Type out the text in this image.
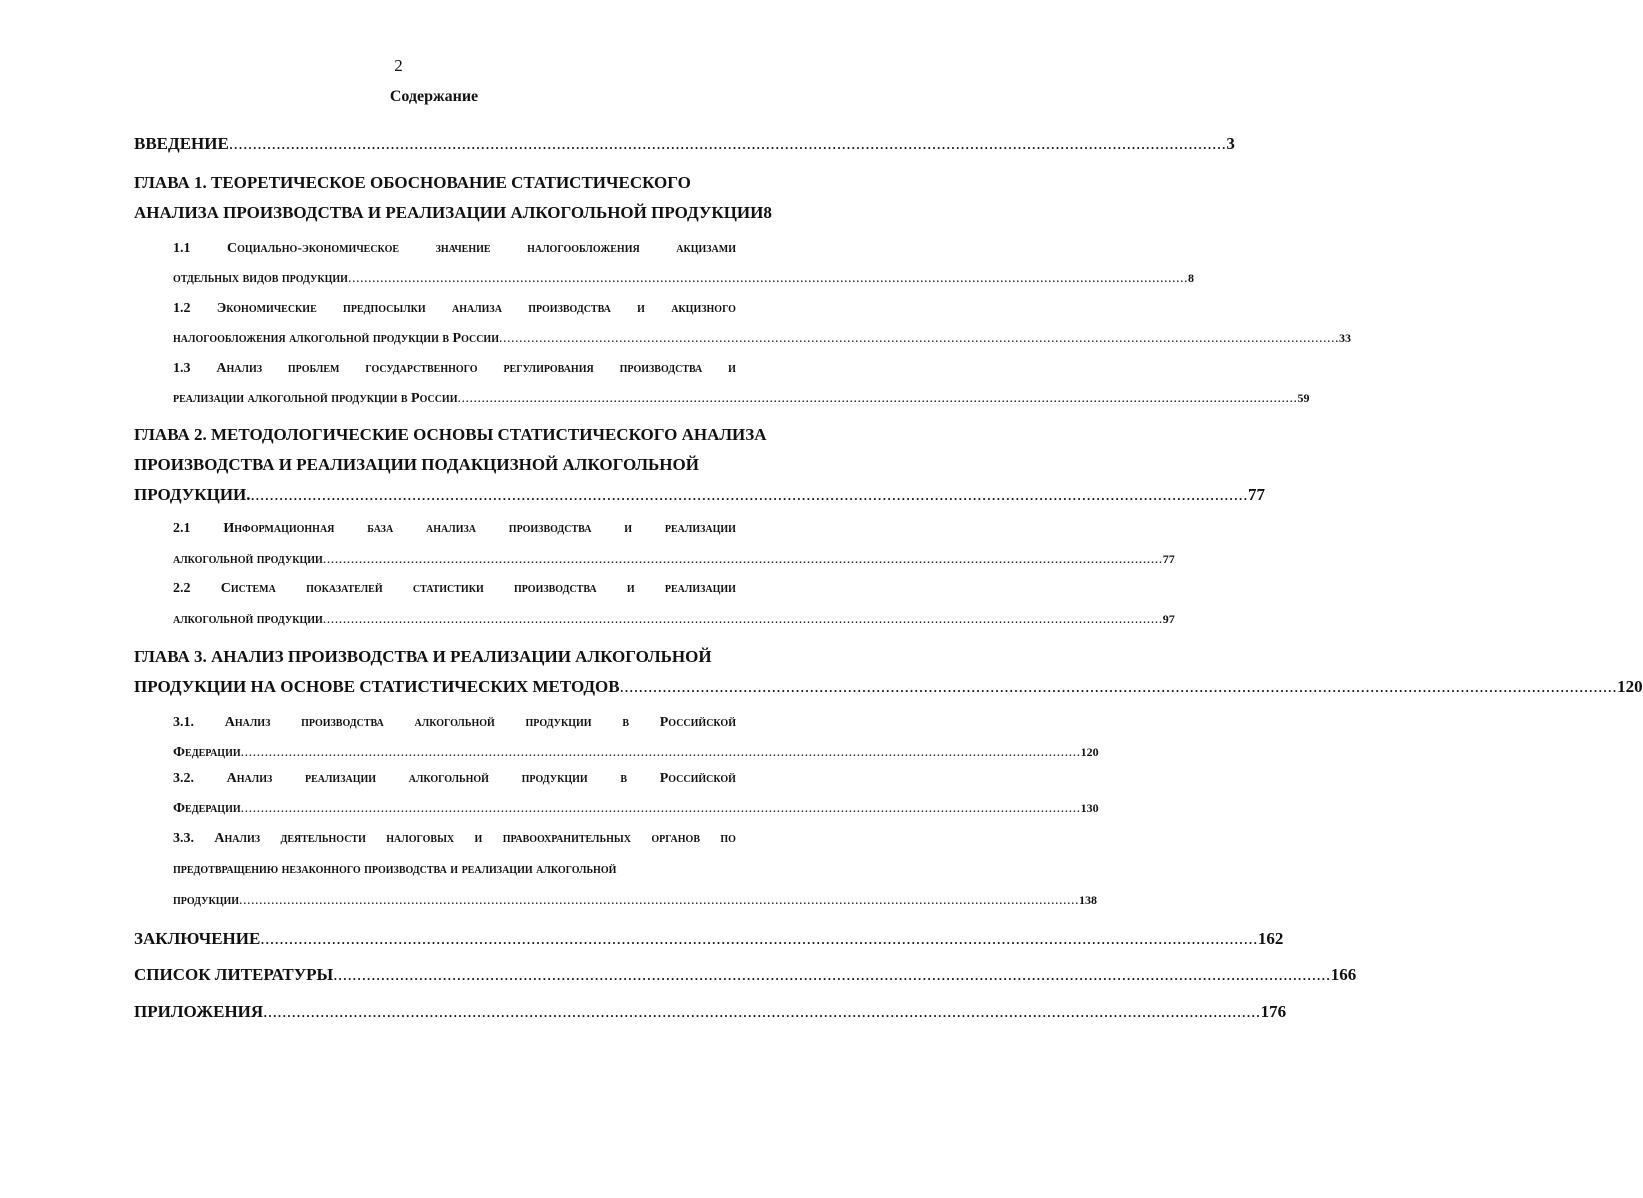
2
Содержание
ВВЕДЕНИЕ .................................................................................................................................................................................................................. 3
ГЛАВА 1. ТЕОРЕТИЧЕСКОЕ ОБОСНОВАНИЕ СТАТИСТИЧЕСКОГО
АНАЛИЗА ПРОИЗВОДСТВА И РЕАЛИЗАЦИИ АЛКОГОЛЬНОЙ ПРОДУКЦИИ 8
1.1	Социально-экономическое	значение	налогообложения	акцизами
отдельных видов продукции .................................................................................................................................................................................................................. 8
1.2 Экономические предпосылки анализа производства и акцизного
налогообложения алкогольной продукции в России .................................................................................................................................................................................................................. 33
1.3 Анализ проблем государственного регулирования производства и
реализации алкогольной продукции в России .................................................................................................................................................................................................................. 59
ГЛАВА 2. МЕТОДОЛОГИЧЕСКИЕ ОСНОВЫ СТАТИСТИЧЕСКОГО АНАЛИЗА
ПРОИЗВОДСТВА И РЕАЛИЗАЦИИ ПОДАКЦИЗНОЙ АЛКОГОЛЬНОЙ
ПРОДУКЦИИ. .................................................................................................................................................................................................................. 77
2.1 Информационная база анализа производства и реализации
алкогольной продукции .................................................................................................................................................................................................................. 77
2.2 Система показателей статистики производства и реализации
алкогольной продукции .................................................................................................................................................................................................................. 97
ГЛАВА 3. АНАЛИЗ ПРОИЗВОДСТВА И РЕАЛИЗАЦИИ АЛКОГОЛЬНОЙ
ПРОДУКЦИИ НА ОСНОВЕ СТАТИСТИЧЕСКИХ МЕТОДОВ .................................................................................................................................................................................................................. 120
3.1. Анализ производства алкогольной продукции в Российской
Федерации .................................................................................................................................................................................................................. 120
3.2. Анализ реализации алкогольной продукции в Российской
Федерации .................................................................................................................................................................................................................. 130
3.3. Анализ деятельности налоговых и правоохранительных органов по
предотвращению незаконного производства и реализации алкогольной
продукции .................................................................................................................................................................................................................. 138
ЗАКЛЮЧЕНИЕ .................................................................................................................................................................................................................. 162
СПИСОК ЛИТЕРАТУРЫ .................................................................................................................................................................................................................. 166
ПРИЛОЖЕНИЯ .................................................................................................................................................................................................................. 176
